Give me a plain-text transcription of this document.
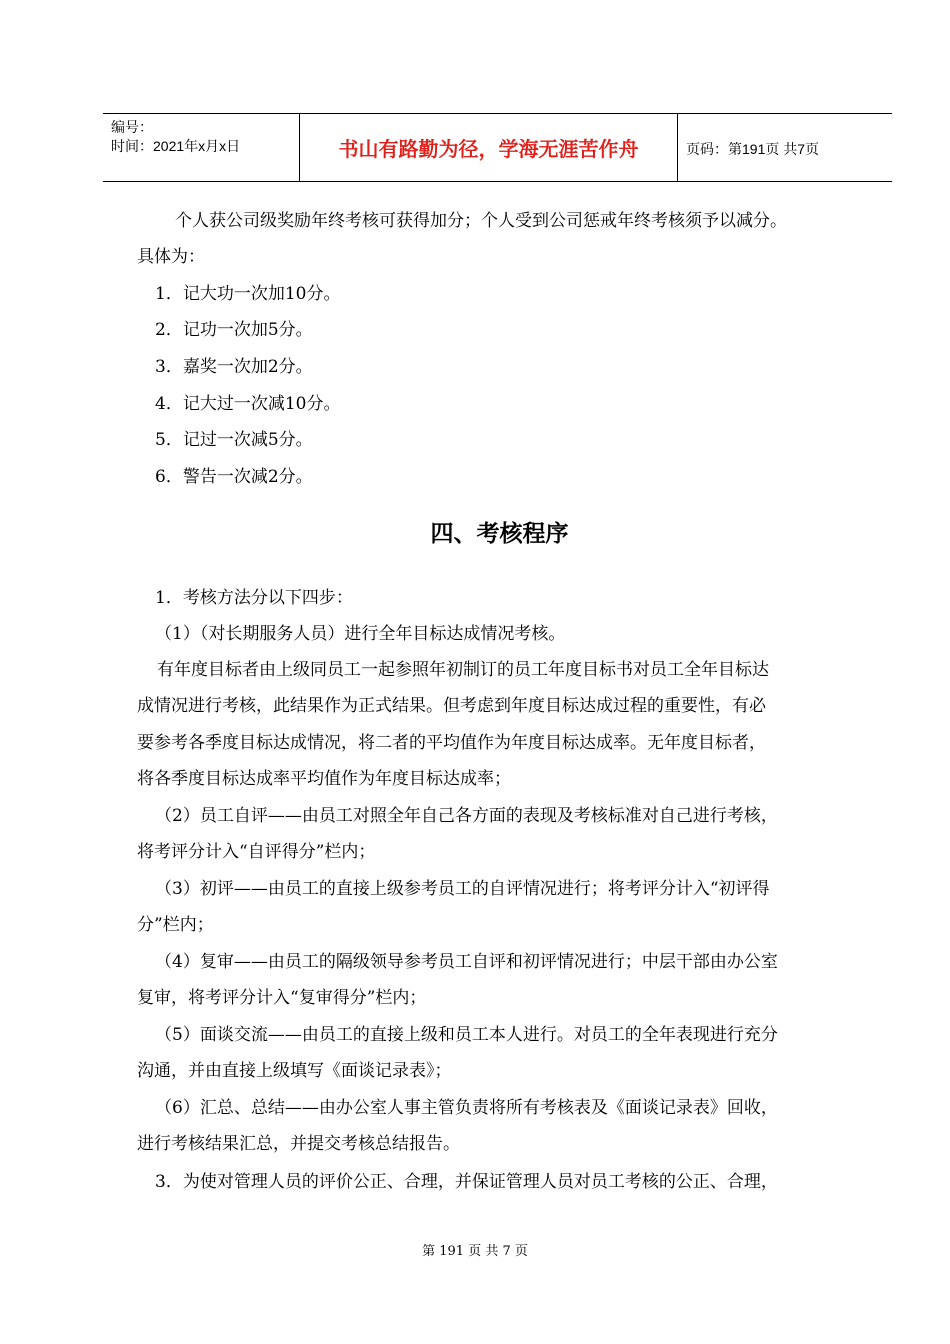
编号：
时间：2021年x月x日	书山有路勤为径，学海无涯苦作舟	页码：第191页 共7页
个人获公司级奖励年终考核可获得加分；个人受到公司惩戒年终考核须予以减分。
具体为：
1．记大功一次加10分。
2．记功一次加5分。
3．嘉奖一次加2分。
4．记大过一次减10分。
5．记过一次减5分。
6．警告一次减2分。
四、考核程序
1．考核方法分以下四步：
（1）（对长期服务人员）进行全年目标达成情况考核。
有年度目标者由上级同员工一起参照年初制订的员工年度目标书对员工全年目标达
成情况进行考核，此结果作为正式结果。但考虑到年度目标达成过程的重要性，有必
要参考各季度目标达成情况，将二者的平均值作为年度目标达成率。无年度目标者，
将各季度目标达成率平均值作为年度目标达成率；
（2）员工自评——由员工对照全年自己各方面的表现及考核标准对自己进行考核，
将考评分计入“自评得分”栏内；
（3）初评——由员工的直接上级参考员工的自评情况进行；将考评分计入“初评得
分”栏内；
（4）复审——由员工的隔级领导参考员工自评和初评情况进行；中层干部由办公室
复审，将考评分计入“复审得分”栏内；
（5）面谈交流——由员工的直接上级和员工本人进行。对员工的全年表现进行充分
沟通，并由直接上级填写《面谈记录表》；
（6）汇总、总结——由办公室人事主管负责将所有考核表及《面谈记录表》回收，
进行考核结果汇总，并提交考核总结报告。
3．为使对管理人员的评价公正、合理，并保证管理人员对员工考核的公正、合理，
第 191 页 共 7 页
